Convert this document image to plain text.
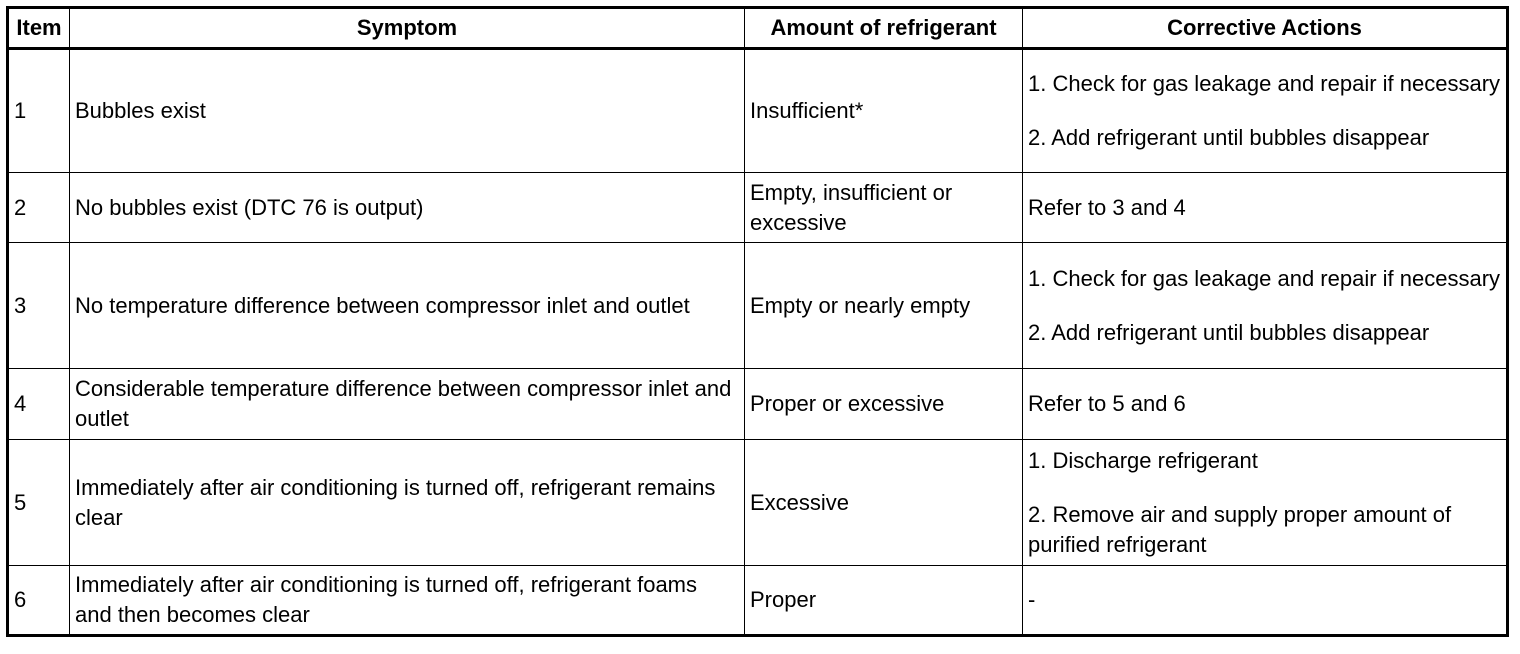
Item	Symptom	Amount of refrigerant	Corrective Actions
1	Bubbles exist	Insufficient*	1. Check for gas leakage and repair if necessary
2. Add refrigerant until bubbles disappear

2	No bubbles exist (DTC 76 is output)	Empty, insufficient or excessive	Refer to 3 and 4

3	No temperature difference between compressor inlet and outlet	Empty or nearly empty	1. Check for gas leakage and repair if necessary
2. Add refrigerant until bubbles disappear

4	Considerable temperature difference between compressor inlet and outlet	Proper or excessive	Refer to 5 and 6

5	Immediately after air conditioning is turned off, refrigerant remains clear	Excessive	1. Discharge refrigerant
2. Remove air and supply proper amount of purified refrigerant

6	Immediately after air conditioning is turned off, refrigerant foams and then becomes clear	Proper	-
